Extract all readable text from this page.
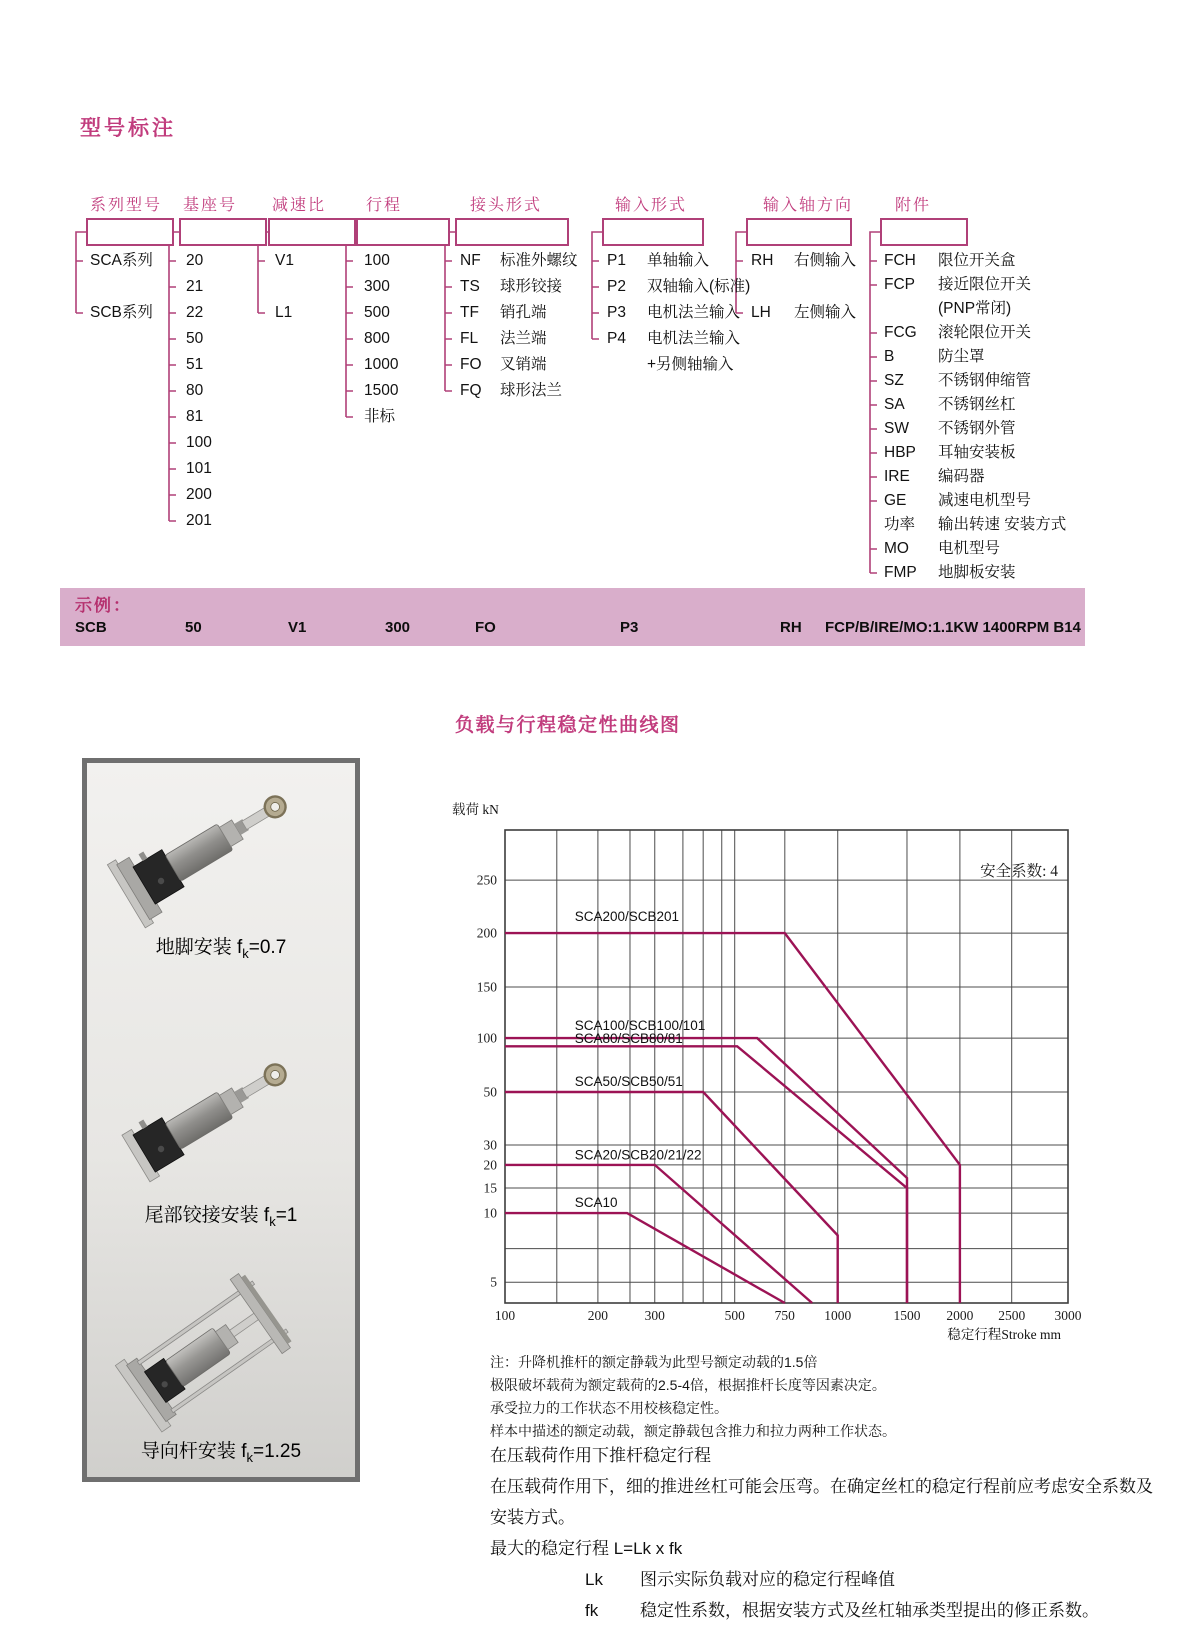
型号标注
系列型号
SCA系列
SCB系列
基座号
20
21
22
50
51
80
81
100
101
200
201
减速比
V1
L1
行程
100
300
500
800
1000
1500
非标
接头形式
NF 标准外螺纹
TS 球形铰接
TF 销孔端
FL 法兰端
FO 叉销端
FQ 球形法兰
输入形式
P1 单轴输入
P2 双轴输入(标准)
P3 电机法兰输入
P4 电机法兰输入
+另侧轴输入
输入轴方向
RH 右侧输入
LH 左侧输入
附件
FCH 限位开关盒
FCP 接近限位开关
(PNP常闭)
FCG 滚轮限位开关
B	防尘罩
SZ 不锈钢伸缩管
SA 不锈钢丝杠
SW 不锈钢外管
HBP 耳轴安装板
IRE 编码器
GE 减速电机型号
功率 输出转速 安装方式
MO 电机型号
FMP 地脚板安装
示例：
SCB	50	V1	300	FO	P3	RH FCP/B/IRE/MO:1.1KW 1400RPM B14
地脚安装 $f_k=0.7$
尾部铰接安装 $f_k=1$
导向杆安装 $f_k=1.25$
负载与行程稳定性曲线图
SCA10
SCA20/SCB20/21/22
SCA50/SCB50/51
SCA80/SCB80/81
SCA100/SCB100/101
SCA200/SCB201
安全系数: 4
100	200	300	500 750 1000	1500 2000 2500 3000
250
200
150
100
50
30
20
15
10
5
载荷 kN
稳定行程Stroke mm
注：升降机推杆的额定静载为此型号额定动载的1.5倍
极限破坏载荷为额定载荷的2.5-4倍，根据推杆长度等因素决定。
承受拉力的工作状态不用校核稳定性。
样本中描述的额定动载，额定静载包含推力和拉力两种工作状态。
在压载荷作用下推杆稳定行程
在压载荷作用下，细的推进丝杠可能会压弯。在确定丝杠的稳定行程前应考虑安全系数及安装方式。
最大的稳定行程 L=Lk x fk
Lk	图示实际负载对应的稳定行程峰值
fk	稳定性系数，根据安装方式及丝杠轴承类型提出的修正系数。
